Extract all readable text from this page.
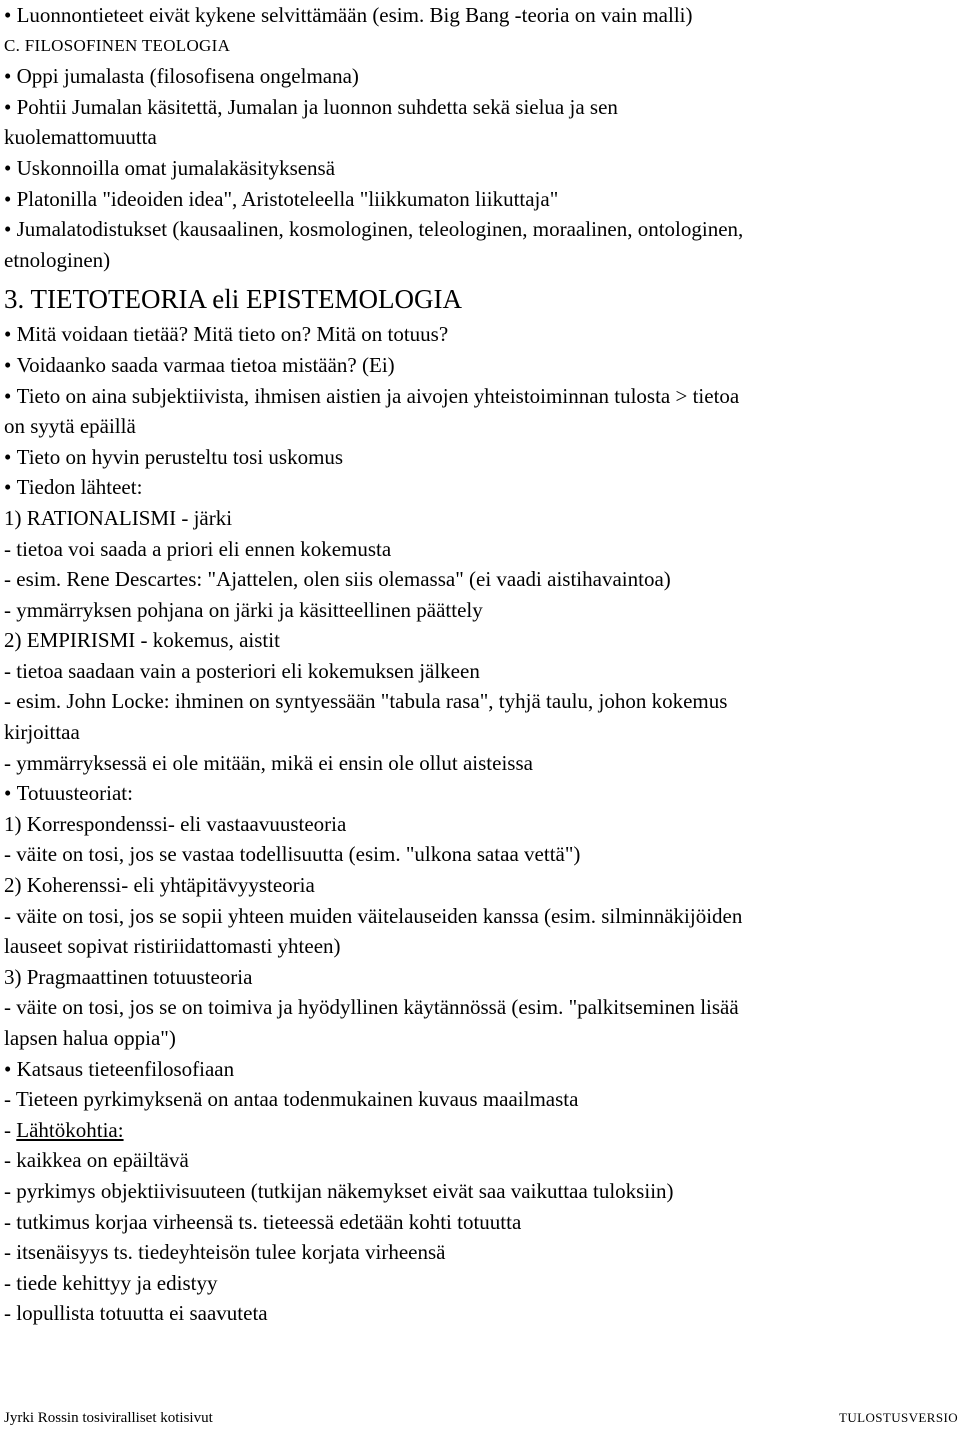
• Luonnontieteet eivät kykene selvittämään (esim. Big Bang -teoria on vain malli)
C. FILOSOFINEN TEOLOGIA
• Oppi jumalasta (filosofisena ongelmana)
• Pohtii Jumalan käsitettä, Jumalan ja luonnon suhdetta sekä sielua ja sen
kuolemattomuutta
• Uskonnoilla omat jumalakäsityksensä
• Platonilla "ideoiden idea", Aristoteleella "liikkumaton liikuttaja"
• Jumalatodistukset (kausaalinen, kosmologinen, teleologinen, moraalinen, ontologinen,
etnologinen)
3. TIETOTEORIA eli EPISTEMOLOGIA
• Mitä voidaan tietää? Mitä tieto on? Mitä on totuus?
• Voidaanko saada varmaa tietoa mistään? (Ei)
• Tieto on aina subjektiivista, ihmisen aistien ja aivojen yhteistoiminnan tulosta > tietoa
on syytä epäillä
• Tieto on hyvin perusteltu tosi uskomus
• Tiedon lähteet:
1) RATIONALISMI - järki
- tietoa voi saada a priori eli ennen kokemusta
- esim. Rene Descartes: "Ajattelen, olen siis olemassa" (ei vaadi aistihavaintoa)
- ymmärryksen pohjana on järki ja käsitteellinen päättely
2) EMPIRISMI - kokemus, aistit
- tietoa saadaan vain a posteriori eli kokemuksen jälkeen
- esim. John Locke: ihminen on syntyessään "tabula rasa", tyhjä taulu, johon kokemus
kirjoittaa
- ymmärryksessä ei ole mitään, mikä ei ensin ole ollut aisteissa
• Totuusteoriat:
1) Korrespondenssi- eli vastaavuusteoria
- väite on tosi, jos se vastaa todellisuutta (esim. "ulkona sataa vettä")
2) Koherenssi- eli yhtäpitävyysteoria
- väite on tosi, jos se sopii yhteen muiden väitelauseiden kanssa (esim. silminnäkijöiden
lauseet sopivat ristiriidattomasti yhteen)
3) Pragmaattinen totuusteoria
- väite on tosi, jos se on toimiva ja hyödyllinen käytännössä (esim. "palkitseminen lisää
lapsen halua oppia")
• Katsaus tieteenfilosofiaan
- Tieteen pyrkimyksenä on antaa todenmukainen kuvaus maailmasta
- Lähtökohtia:
- kaikkea on epäiltävä
- pyrkimys objektiivisuuteen (tutkijan näkemykset eivät saa vaikuttaa tuloksiin)
- tutkimus korjaa virheensä ts. tieteessä edetään kohti totuutta
- itsenäisyys ts. tiedeyhteisön tulee korjata virheensä
- tiede kehittyy ja edistyy
- lopullista totuutta ei saavuteta
Jyrki Rossin tosiviralliset kotisivut	TULOSTUSVERSIO
